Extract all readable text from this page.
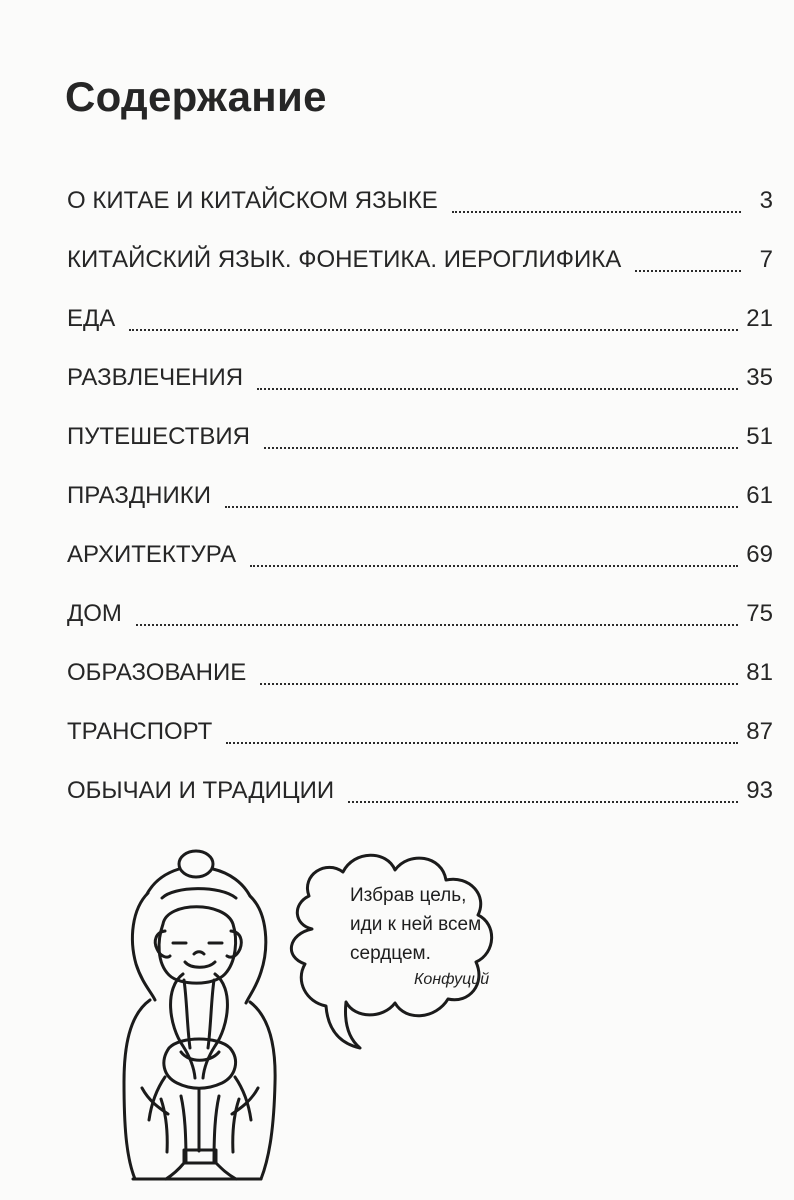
Содержание
О КИТАЕ И КИТАЙСКОМ ЯЗЫКЕ	3
КИТАЙСКИЙ ЯЗЫК. ФОНЕТИКА. ИЕРОГЛИФИКА	7
ЕДА	21
РАЗВЛЕЧЕНИЯ	35
ПУТЕШЕСТВИЯ	51
ПРАЗДНИКИ	61
АРХИТЕКТУРА	69
ДОМ	75
ОБРАЗОВАНИЕ	81
ТРАНСПОРТ	87
ОБЫЧАИ И ТРАДИЦИИ	93
Избрав цель,
иди к ней всем
сердцем.
Конфуций
